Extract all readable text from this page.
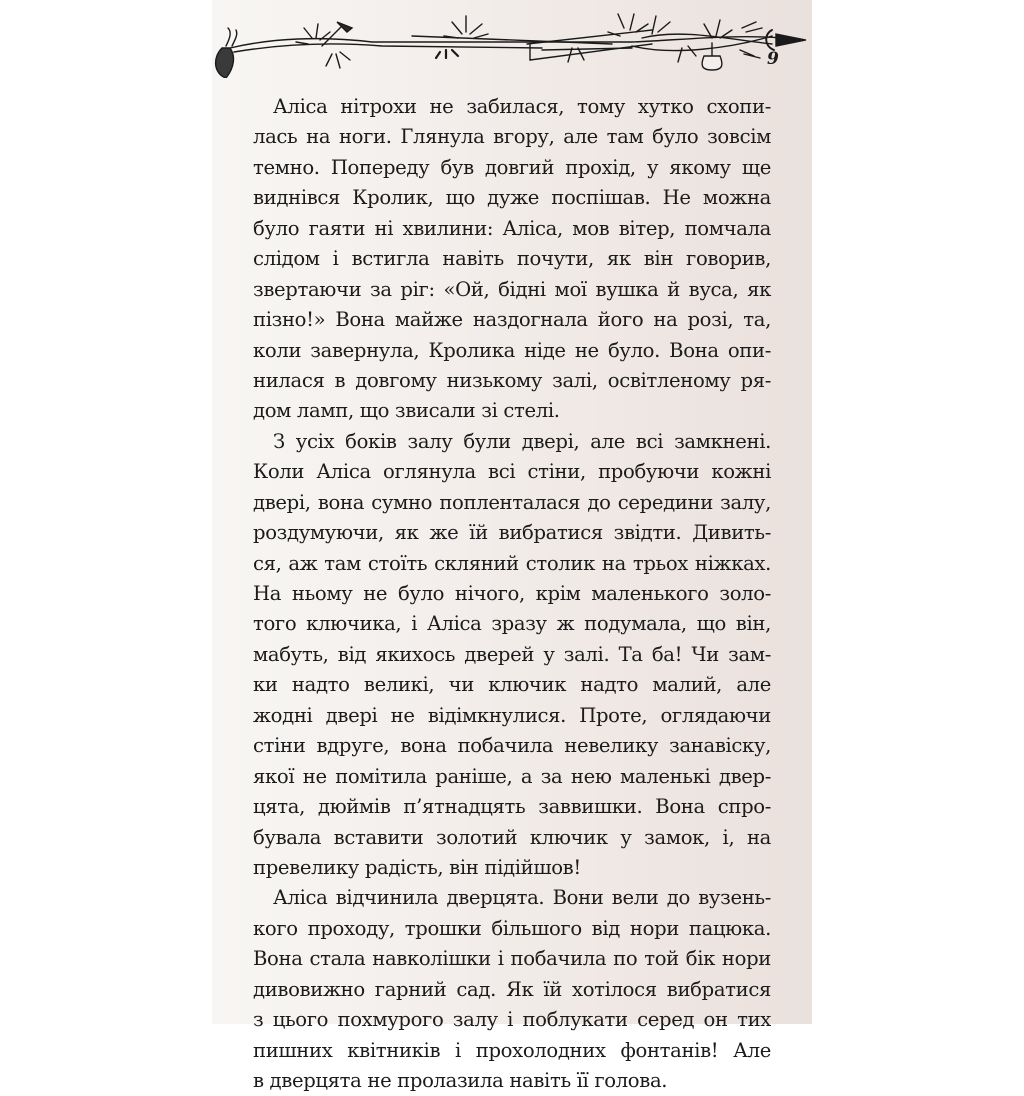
9
Аліса нітрохи не забилася, тому хутко схопи-
лась на ноги. Глянула вгору, але там було зовсім
темно. Попереду був довгий прохід, у якому ще
виднівся Кролик, що дуже поспішав. Не можна
було гаяти ні хвилини: Аліса, мов вітер, помчала
слідом і встигла навіть почути, як він говорив,
звертаючи за ріг: «Ой, бідні мої вушка й вуса, як
пізно!» Вона майже наздогнала його на розі, та,
коли завернула, Кролика ніде не було. Вона опи-
нилася в довгому низькому залі, освітленому ря-
дом ламп, що звисали зі стелі.
З усіх боків залу були двері, але всі замкнені.
Коли Аліса оглянула всі стіни, пробуючи кожні
двері, вона сумно попленталася до середини залу,
роздумуючи, як же їй вибратися звідти. Дивить-
ся, аж там стоїть скляний столик на трьох ніжках.
На ньому не було нічого, крім маленького золо-
того ключика, і Аліса зразу ж подумала, що він,
мабуть, від якихось дверей у залі. Та ба! Чи зам-
ки надто великі, чи ключик надто малий, але
жодні двері не відімкнулися. Проте, оглядаючи
стіни вдруге, вона побачила невелику занавіску,
якої не помітила раніше, а за нею маленькі двер-
цята, дюймів п’ятнадцять заввишки. Вона спро-
бувала вставити золотий ключик у замок, і, на
превелику радість, він підійшов!
Аліса відчинила дверцята. Вони вели до вузень-
кого проходу, трошки більшого від нори пацюка.
Вона стала навколішки і побачила по той бік нори
дивовижно гарний сад. Як їй хотілося вибратися
з цього похмурого залу і поблукати серед он тих
пишних квітників і прохолодних фонтанів! Але
в дверцята не пролазила навіть її голова.
